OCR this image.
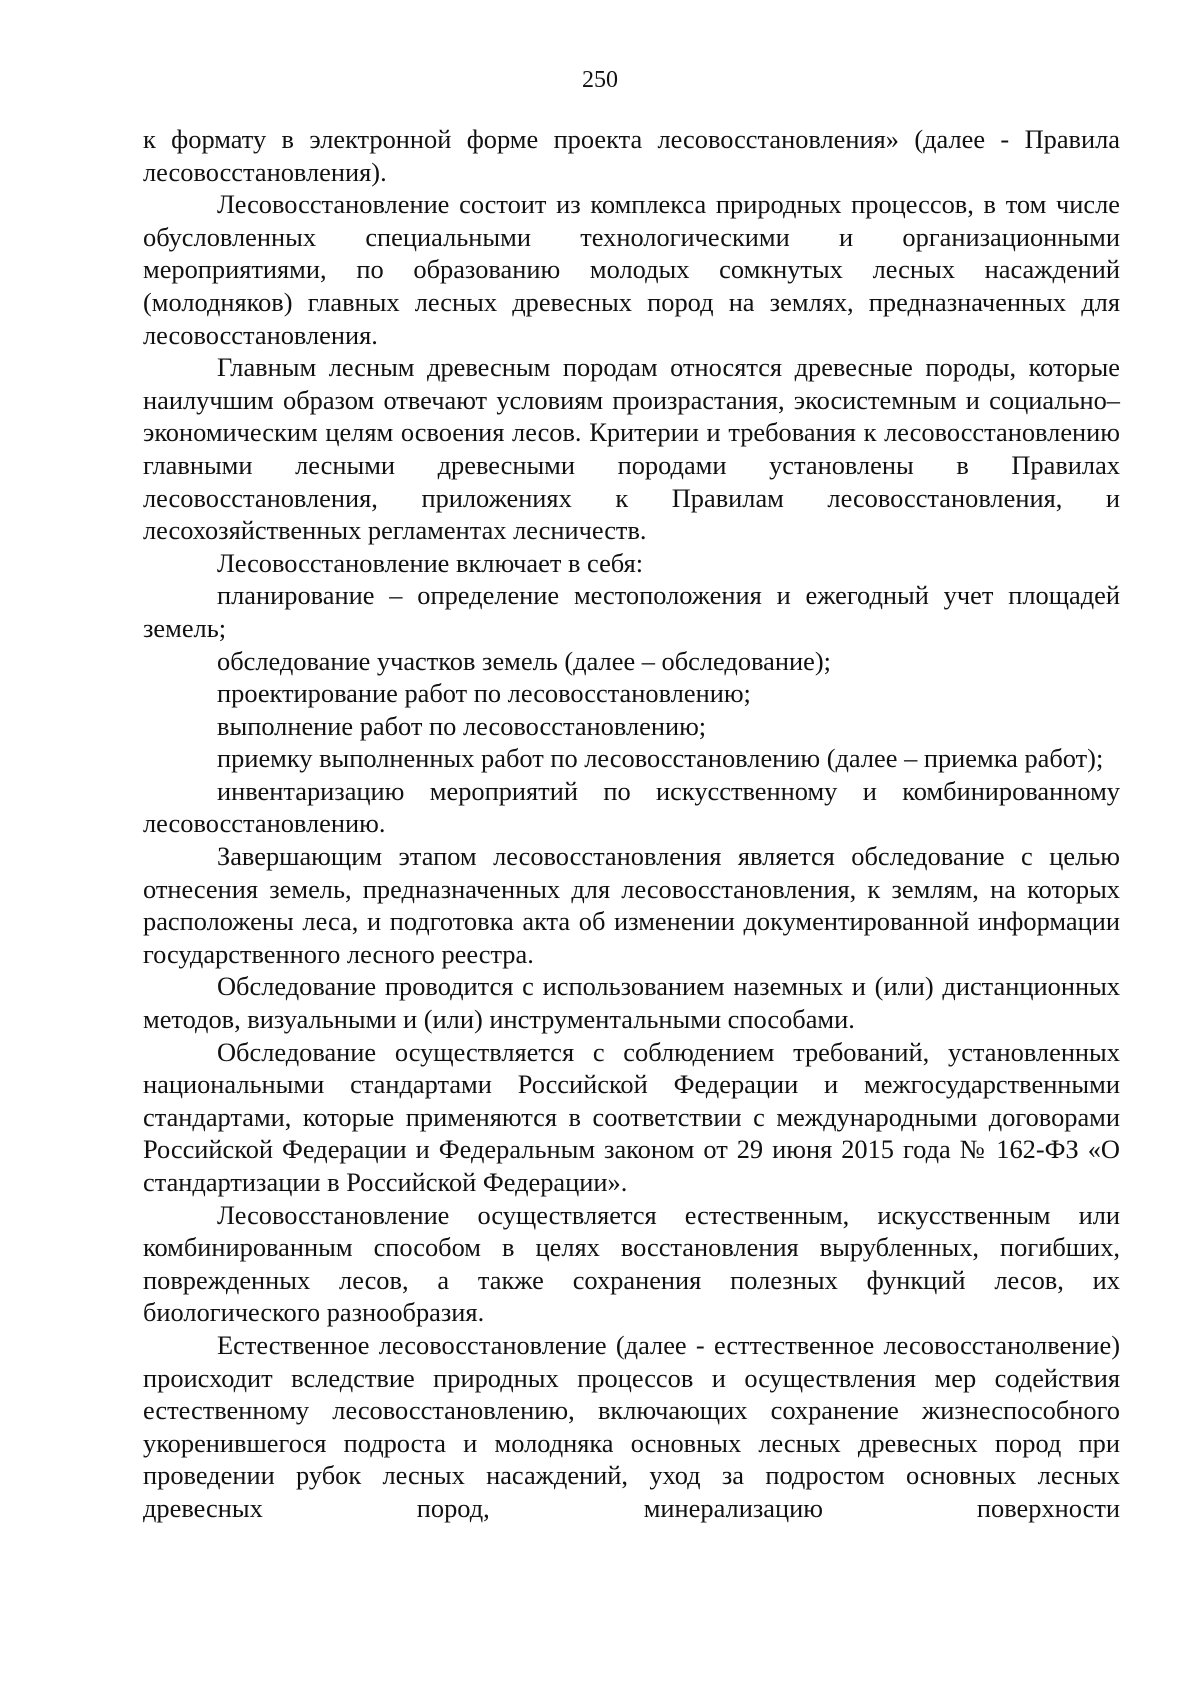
250

к формату в электронной форме проекта лесовосстановления» (далее - Правила лесовосстановления).

Лесовосстановление состоит из комплекса природных процессов, в том числе обусловленных специальными технологическими и организационными мероприятиями, по образованию молодых сомкнутых лесных насаждений (молодняков) главных лесных древесных пород на землях, предназначенных для лесовосстановления.

Главным лесным древесным породам относятся древесные породы, которые наилучшим образом отвечают условиям произрастания, экосистемным и социально–экономическим целям освоения лесов. Критерии и требования к лесовосстановлению главными лесными древесными породами установлены в Правилах лесовосстановления, приложениях к Правилам лесовосстановления, и лесохозяйственных регламентах лесничеств.

Лесовосстановление включает в себя:

планирование – определение местоположения и ежегодный учет площадей земель;

обследование участков земель (далее – обследование);

проектирование работ по лесовосстановлению;

выполнение работ по лесовосстановлению;

приемку выполненных работ по лесовосстановлению (далее – приемка работ);

инвентаризацию мероприятий по искусственному и комбинированному лесовосстановлению.

Завершающим этапом лесовосстановления является обследование с целью отнесения земель, предназначенных для лесовосстановления, к землям, на которых расположены леса, и подготовка акта об изменении документированной информации государственного лесного реестра.

Обследование проводится с использованием наземных и (или) дистанционных методов, визуальными и (или) инструментальными способами.

Обследование осуществляется с соблюдением требований, установленных национальными стандартами Российской Федерации и межгосударственными стандартами, которые применяются в соответствии с международными договорами Российской Федерации и Федеральным законом от 29 июня 2015 года № 162-ФЗ «О стандартизации в Российской Федерации».

Лесовосстановление осуществляется естественным, искусственным или комбинированным способом в целях восстановления вырубленных, погибших, поврежденных лесов, а также сохранения полезных функций лесов, их биологического разнообразия.

Естественное лесовосстановление (далее - есттественное лесовосстанолвение) происходит вследствие природных процессов и осуществления мер содействия естественному лесовосстановлению, включающих сохранение жизнеспособного укоренившегося подроста и молодняка основных лесных древесных пород при проведении рубок лесных насаждений, уход за подростом основных лесных древесных пород, минерализацию поверхности
